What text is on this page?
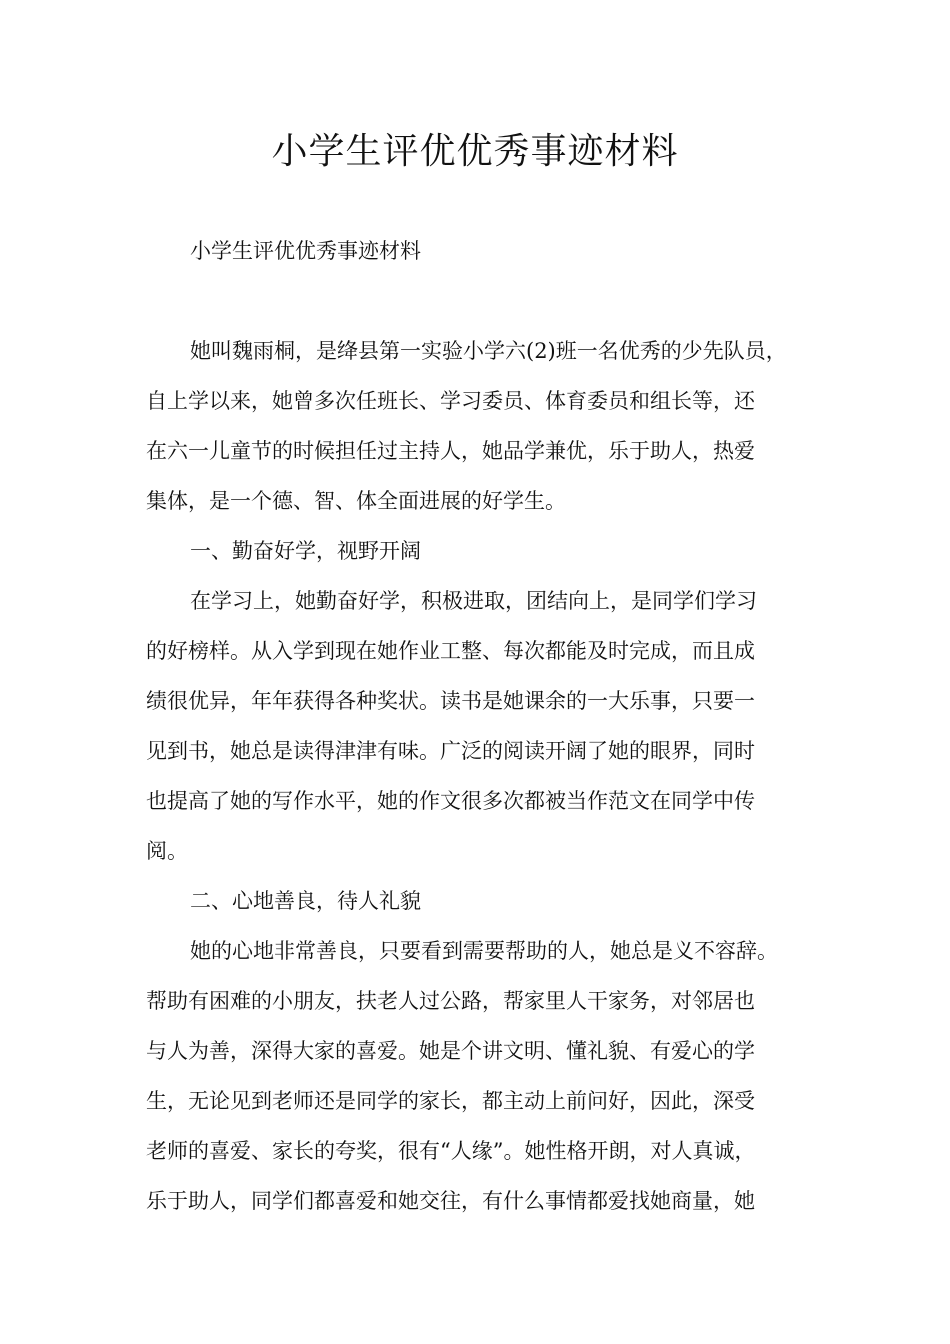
小学生评优优秀事迹材料
小学生评优优秀事迹材料
她叫魏雨桐，是绛县第一实验小学六(2)班一名优秀的少先队员，
自上学以来，她曾多次任班长、学习委员、体育委员和组长等，还
在六一儿童节的时候担任过主持人，她品学兼优，乐于助人，热爱
集体，是一个德、智、体全面进展的好学生。
一、勤奋好学，视野开阔
在学习上，她勤奋好学，积极进取，团结向上，是同学们学习
的好榜样。从入学到现在她作业工整、每次都能及时完成，而且成
绩很优异，年年获得各种奖状。读书是她课余的一大乐事，只要一
见到书，她总是读得津津有味。广泛的阅读开阔了她的眼界，同时
也提高了她的写作水平，她的作文很多次都被当作范文在同学中传
阅。
二、心地善良，待人礼貌
她的心地非常善良，只要看到需要帮助的人，她总是义不容辞。
帮助有困难的小朋友，扶老人过公路，帮家里人干家务，对邻居也
与人为善，深得大家的喜爱。她是个讲文明、懂礼貌、有爱心的学
生，无论见到老师还是同学的家长，都主动上前问好，因此，深受
老师的喜爱、家长的夸奖，很有“人缘”。她性格开朗，对人真诚，
乐于助人，同学们都喜爱和她交往，有什么事情都爱找她商量，她
